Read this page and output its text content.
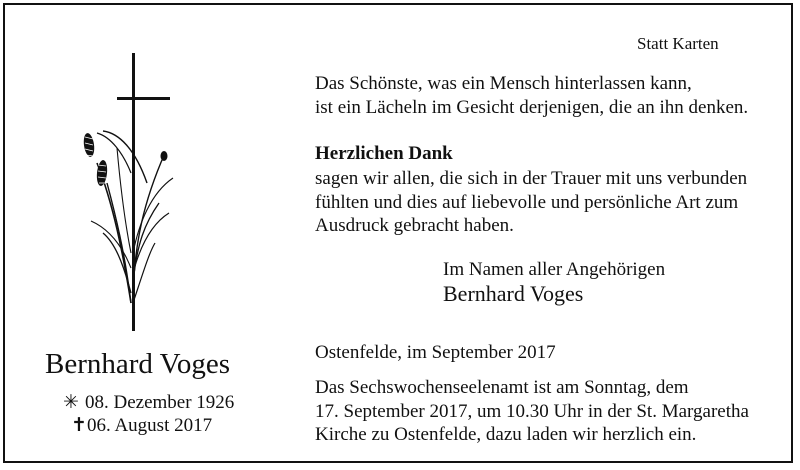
Statt Karten
Das Schönste, was ein Mensch hinterlassen kann,
ist ein Lächeln im Gesicht derjenigen, die an ihn denken.
Herzlichen Dank
sagen wir allen, die sich in der Trauer mit uns verbunden
fühlten und dies auf liebevolle und persönliche Art zum
Ausdruck gebracht haben.
Im Namen aller Angehörigen
Bernhard Voges
Ostenfelde, im September 2017
Das Sechswochenseelenamt ist am Sonntag, dem
17. September 2017, um 10.30 Uhr in der St. Margaretha
Kirche zu Ostenfelde, dazu laden wir herzlich ein.
Bernhard Voges
✳ 08. Dezember 1926
✝06. August 2017
